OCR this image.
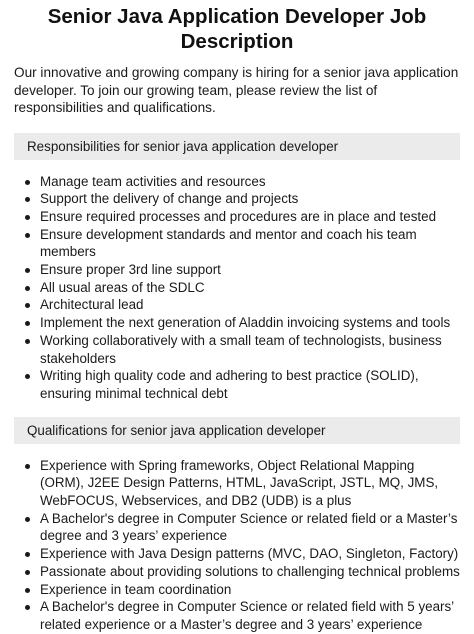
Senior Java Application Developer Job Description

Our innovative and growing company is hiring for a senior java application developer. To join our growing team, please review the list of responsibilities and qualifications.

Responsibilities for senior java application developer
Manage team activities and resources
Support the delivery of change and projects
Ensure required processes and procedures are in place and tested
Ensure development standards and mentor and coach his team members
Ensure proper 3rd line support
All usual areas of the SDLC
Architectural lead
Implement the next generation of Aladdin invoicing systems and tools
Working collaboratively with a small team of technologists, business stakeholders
Writing high quality code and adhering to best practice (SOLID), ensuring minimal technical debt
Qualifications for senior java application developer
Experience with Spring frameworks, Object Relational Mapping (ORM), J2EE Design Patterns, HTML, JavaScript, JSTL, MQ, JMS, WebFOCUS, Webservices, and DB2 (UDB) is a plus
A Bachelor's degree in Computer Science or related field or a Master’s degree and 3 years’ experience
Experience with Java Design patterns (MVC, DAO, Singleton, Factory)
Passionate about providing solutions to challenging technical problems
Experience in team coordination
A Bachelor's degree in Computer Science or related field with 5 years’ related experience or a Master’s degree and 3 years’ experience
